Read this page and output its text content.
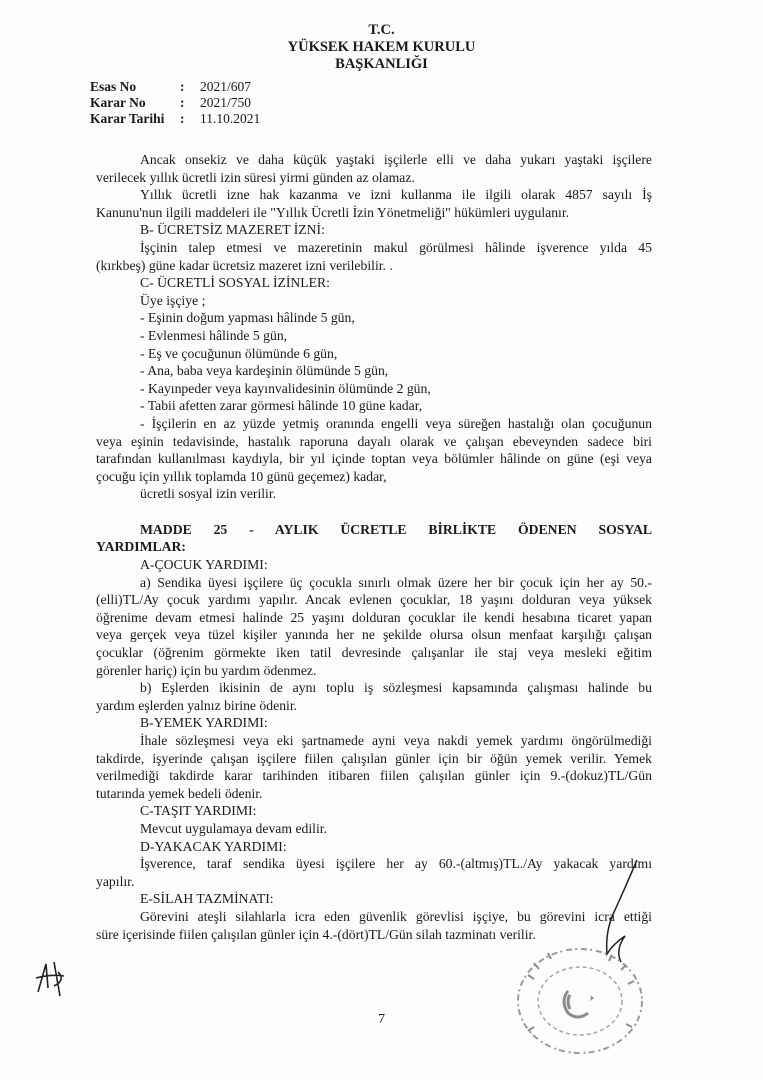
T.C.
YÜKSEK HAKEM KURULU
BAŞKANLIĞI
Esas No	:	2021/607
Karar No	:	2021/750
Karar Tarihi	:	11.10.2021

Ancak onsekiz ve daha küçük yaştaki işçilerle elli ve daha yukarı yaştaki işçilere

verilecek yıllık ücretli izin süresi yirmi günden az olamaz.

Yıllık ücretli izne hak kazanma ve izni kullanma ile ilgili olarak 4857 sayılı İş

Kanunu'nun ilgili maddeleri ile "Yıllık Ücretli İzin Yönetmeliği" hükümleri uygulanır.

B- ÜCRETSİZ MAZERET İZNİ:

İşçinin talep etmesi ve mazeretinin makul görülmesi hâlinde işverence yılda 45

(kırkbeş) güne kadar ücretsiz mazeret izni verilebilir. .

C- ÜCRETLİ SOSYAL İZİNLER:

Üye işçiye ;

- Eşinin doğum yapması hâlinde 5 gün,

- Evlenmesi hâlinde 5 gün,

- Eş ve çocuğunun ölümünde 6 gün,

- Ana, baba veya kardeşinin ölümünde 5 gün,

- Kayınpeder veya kayınvalidesinin ölümünde 2 gün,

- Tabii afetten zarar görmesi hâlinde 10 güne kadar,

- İşçilerin en az yüzde yetmiş oranında engelli veya süreğen hastalığı olan çocuğunun

veya eşinin tedavisinde, hastalık raporuna dayalı olarak ve çalışan ebeveynden sadece biri

tarafından kullanılması kaydıyla, bir yıl içinde toptan veya bölümler hâlinde on güne (eşi veya

çocuğu için yıllık toplamda 10 günü geçemez) kadar,

ücretli sosyal izin verilir.

MADDE 25 - AYLIK ÜCRETLE BİRLİKTE ÖDENEN SOSYAL

YARDIMLAR:

A-ÇOCUK YARDIMI:

a) Sendika üyesi işçilere üç çocukla sınırlı olmak üzere her bir çocuk için her ay 50.-

(elli)TL/Ay çocuk yardımı yapılır. Ancak evlenen çocuklar, 18 yaşını dolduran veya yüksek

öğrenime devam etmesi halinde 25 yaşını dolduran çocuklar ile kendi hesabına ticaret yapan

veya gerçek veya tüzel kişiler yanında her ne şekilde olursa olsun menfaat karşılığı çalışan

çocuklar (öğrenim görmekte iken tatil devresinde çalışanlar ile staj veya mesleki eğitim

görenler hariç) için bu yardım ödenmez.

b) Eşlerden ikisinin de aynı toplu iş sözleşmesi kapsamında çalışması halinde bu

yardım eşlerden yalnız birine ödenir.

B-YEMEK YARDIMI:

İhale sözleşmesi veya eki şartnamede ayni veya nakdi yemek yardımı öngörülmediği

takdirde, işyerinde çalışan işçilere fiilen çalışılan günler için bir öğün yemek verilir. Yemek

verilmediği takdirde karar tarihinden itibaren fiilen çalışılan günler için 9.-(dokuz)TL/Gün

tutarında yemek bedeli ödenir.

C-TAŞIT YARDIMI:

Mevcut uygulamaya devam edilir.

D-YAKACAK YARDIMI:

İşverence, taraf sendika üyesi işçilere her ay 60.-(altmış)TL./Ay yakacak yardımı

yapılır.

E-SİLAH TAZMİNATI:

Görevini ateşli silahlarla icra eden güvenlik görevlisi işçiye, bu görevini icra ettiği

süre içerisinde fiilen çalışılan günler için 4.-(dört)TL/Gün silah tazminatı verilir.

7
